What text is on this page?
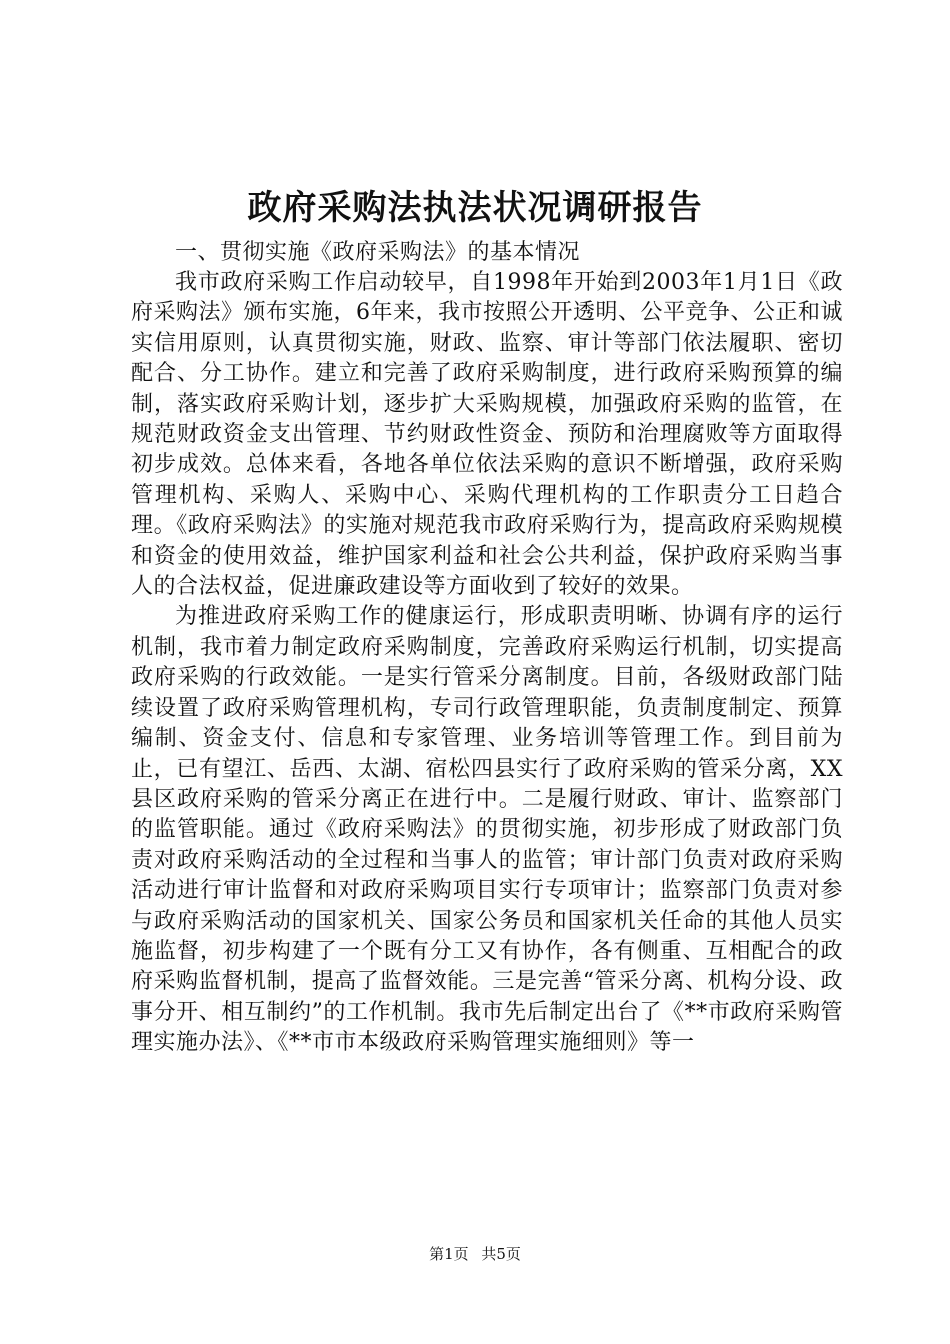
政府采购法执法状况调研报告

一、贯彻实施《政府采购法》的基本情况

我市政府采购工作启动较早，自1998年开始到2003年1月1日《政府采购法》颁布实施，6年来，我市按照公开透明、公平竞争、公正和诚实信用原则，认真贯彻实施，财政、监察、审计等部门依法履职、密切配合、分工协作。建立和完善了政府采购制度，进行政府采购预算的编制，落实政府采购计划，逐步扩大采购规模，加强政府采购的监管，在规范财政资金支出管理、节约财政性资金、预防和治理腐败等方面取得初步成效。总体来看，各地各单位依法采购的意识不断增强，政府采购管理机构、采购人、采购中心、采购代理机构的工作职责分工日趋合理。《政府采购法》的实施对规范我市政府采购行为，提高政府采购规模和资金的使用效益，维护国家利益和社会公共利益，保护政府采购当事人的合法权益，促进廉政建设等方面收到了较好的效果。

为推进政府采购工作的健康运行，形成职责明晰、协调有序的运行机制，我市着力制定政府采购制度，完善政府采购运行机制，切实提高政府采购的行政效能。一是实行管采分离制度。目前，各级财政部门陆续设置了政府采购管理机构，专司行政管理职能，负责制度制定、预算编制、资金支付、信息和专家管理、业务培训等管理工作。到目前为止，已有望江、岳西、太湖、宿松四县实行了政府采购的管采分离，XX县区政府采购的管采分离正在进行中。二是履行财政、审计、监察部门的监管职能。通过《政府采购法》的贯彻实施，初步形成了财政部门负责对政府采购活动的全过程和当事人的监管；审计部门负责对政府采购活动进行审计监督和对政府采购项目实行专项审计；监察部门负责对参与政府采购活动的国家机关、国家公务员和国家机关任命的其他人员实施监督，初步构建了一个既有分工又有协作，各有侧重、互相配合的政府采购监督机制，提高了监督效能。三是完善“管采分离、机构分设、政事分开、相互制约”的工作机制。我市先后制定出台了《**市政府采购管理实施办法》、《**市市本级政府采购管理实施细则》等一

第1页 共5页
